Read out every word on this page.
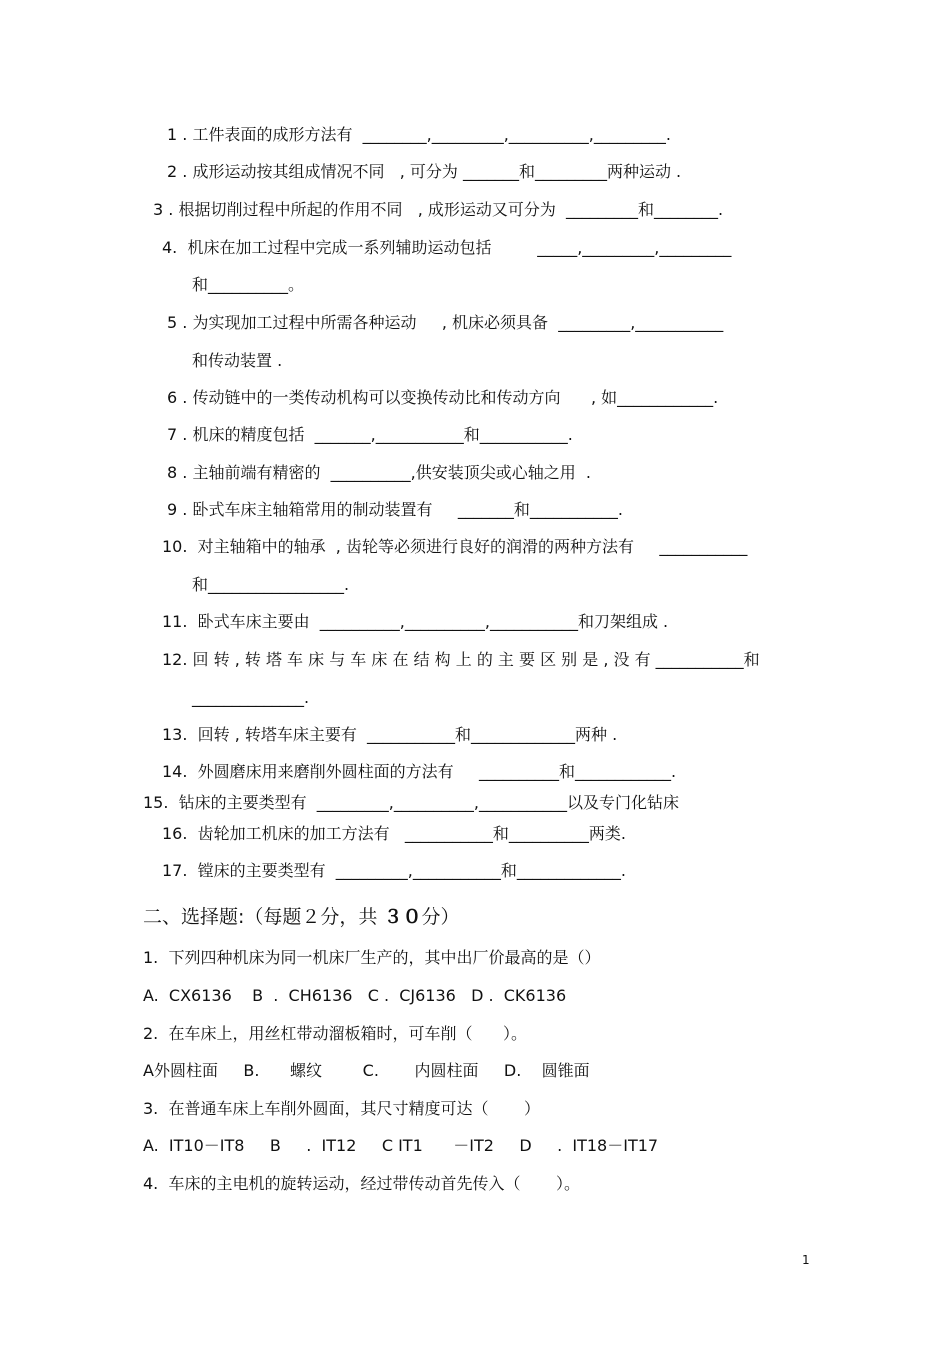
1 . 工件表面的成形方法有  ________,_________,__________,_________.
2 . 成形运动按其组成情况不同   , 可分为 _______和_________两种运动 .
3 . 根据切削过程中所起的作用不同   , 成形运动又可分为  _________和________.
4.  机床在加工过程中完成一系列辅助运动包括         _____,_________,_________
和__________。
5 . 为实现加工过程中所需各种运动     , 机床必须具备  _________,___________
和传动装置 .
6 . 传动链中的一类传动机构可以变换传动比和传动方向      , 如____________.
7 . 机床的精度包括  _______,___________和___________.
8 . 主轴前端有精密的  __________,供安装顶尖或心轴之用  .
9 . 卧式车床主轴箱常用的制动装置有     _______和___________.
10.  对主轴箱中的轴承  , 齿轮等必须进行良好的润滑的两种方法有     ___________
和_________________.
11.  卧式车床主要由  __________,__________,___________和刀架组成 .
12. 回 转 , 转 塔 车 床 与 车 床 在 结 构 上 的 主 要 区 别 是 , 没 有 ___________和
______________.
13.  回转 , 转塔车床主要有  ___________和_____________两种 .
14.  外圆磨床用来磨削外圆柱面的方法有     __________和____________.
15.  钻床的主要类型有  _________,__________,___________以及专门化钻床
16.  齿轮加工机床的加工方法有   ___________和__________两类.
17.  镗床的主要类型有  _________,___________和_____________.
二、选择题:（每题２分，共 ３０分）
1.  下列四种机床为同一机床厂生产的，其中出厂价最高的是（）
A.  CX6136    B  .  CH6136   C .  CJ6136   D .  CK6136
2.  在车床上，用丝杠带动溜板箱时，可车削（      ）。
A外圆柱面     B.      螺纹        C.       内圆柱面     D.    圆锥面
3.  在普通车床上车削外圆面，其尺寸精度可达（       ）
A.  IT10－IT8     B     .  IT12     C IT1      －IT2     D     .  IT18－IT17
4.  车床的主电机的旋转运动，经过带传动首先传入（       ）。
1
